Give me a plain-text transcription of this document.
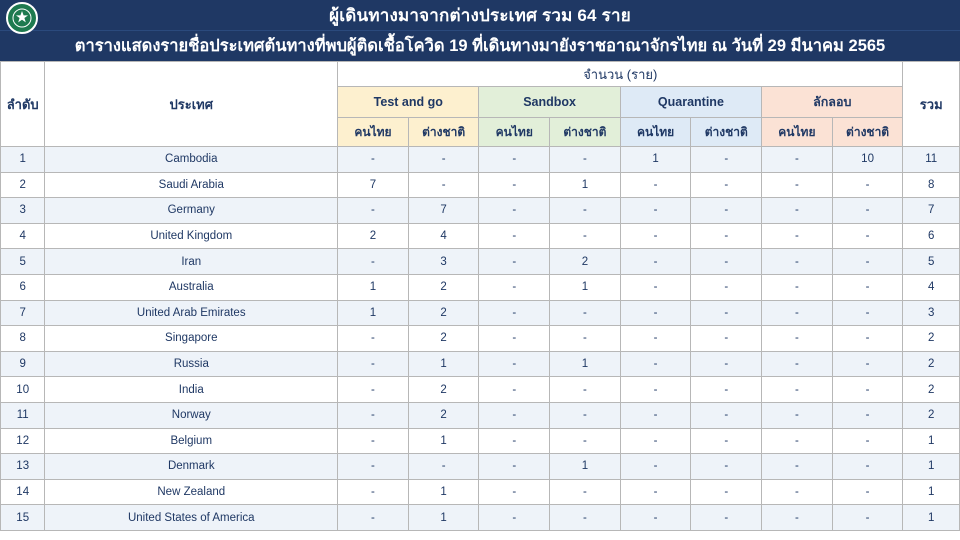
ผู้เดินทางมาจากต่างประเทศ รวม 64 ราย
ตารางแสดงรายชื่อประเทศต้นทางที่พบผู้ติดเชื้อโควิด 19 ที่เดินทางมายังราชอาณาจักรไทย ณ วันที่ 29 มีนาคม 2565
ลำดับ	ประเทศ	จำนวน (ราย)								รวม
		Test and go		Sandbox		Quarantine		ลักลอบ		
		คนไทย	ต่างชาติ	คนไทย	ต่างชาติ	คนไทย	ต่างชาติ	คนไทย	ต่างชาติ	
1	Cambodia	-	-	-	-	1	-	-	10	11
2	Saudi Arabia	7	-	-	1	-	-	-	-	8
3	Germany	-	7	-	-	-	-	-	-	7
4	United Kingdom	2	4	-	-	-	-	-	-	6
5	Iran	-	3	-	2	-	-	-	-	5
6	Australia	1	2	-	1	-	-	-	-	4
7	United Arab Emirates	1	2	-	-	-	-	-	-	3
8	Singapore	-	2	-	-	-	-	-	-	2
9	Russia	-	1	-	1	-	-	-	-	2
10	India	-	2	-	-	-	-	-	-	2
11	Norway	-	2	-	-	-	-	-	-	2
12	Belgium	-	1	-	-	-	-	-	-	1
13	Denmark	-	-	-	1	-	-	-	-	1
14	New Zealand	-	1	-	-	-	-	-	-	1
15	United States of America	-	1	-	-	-	-	-	-	1
